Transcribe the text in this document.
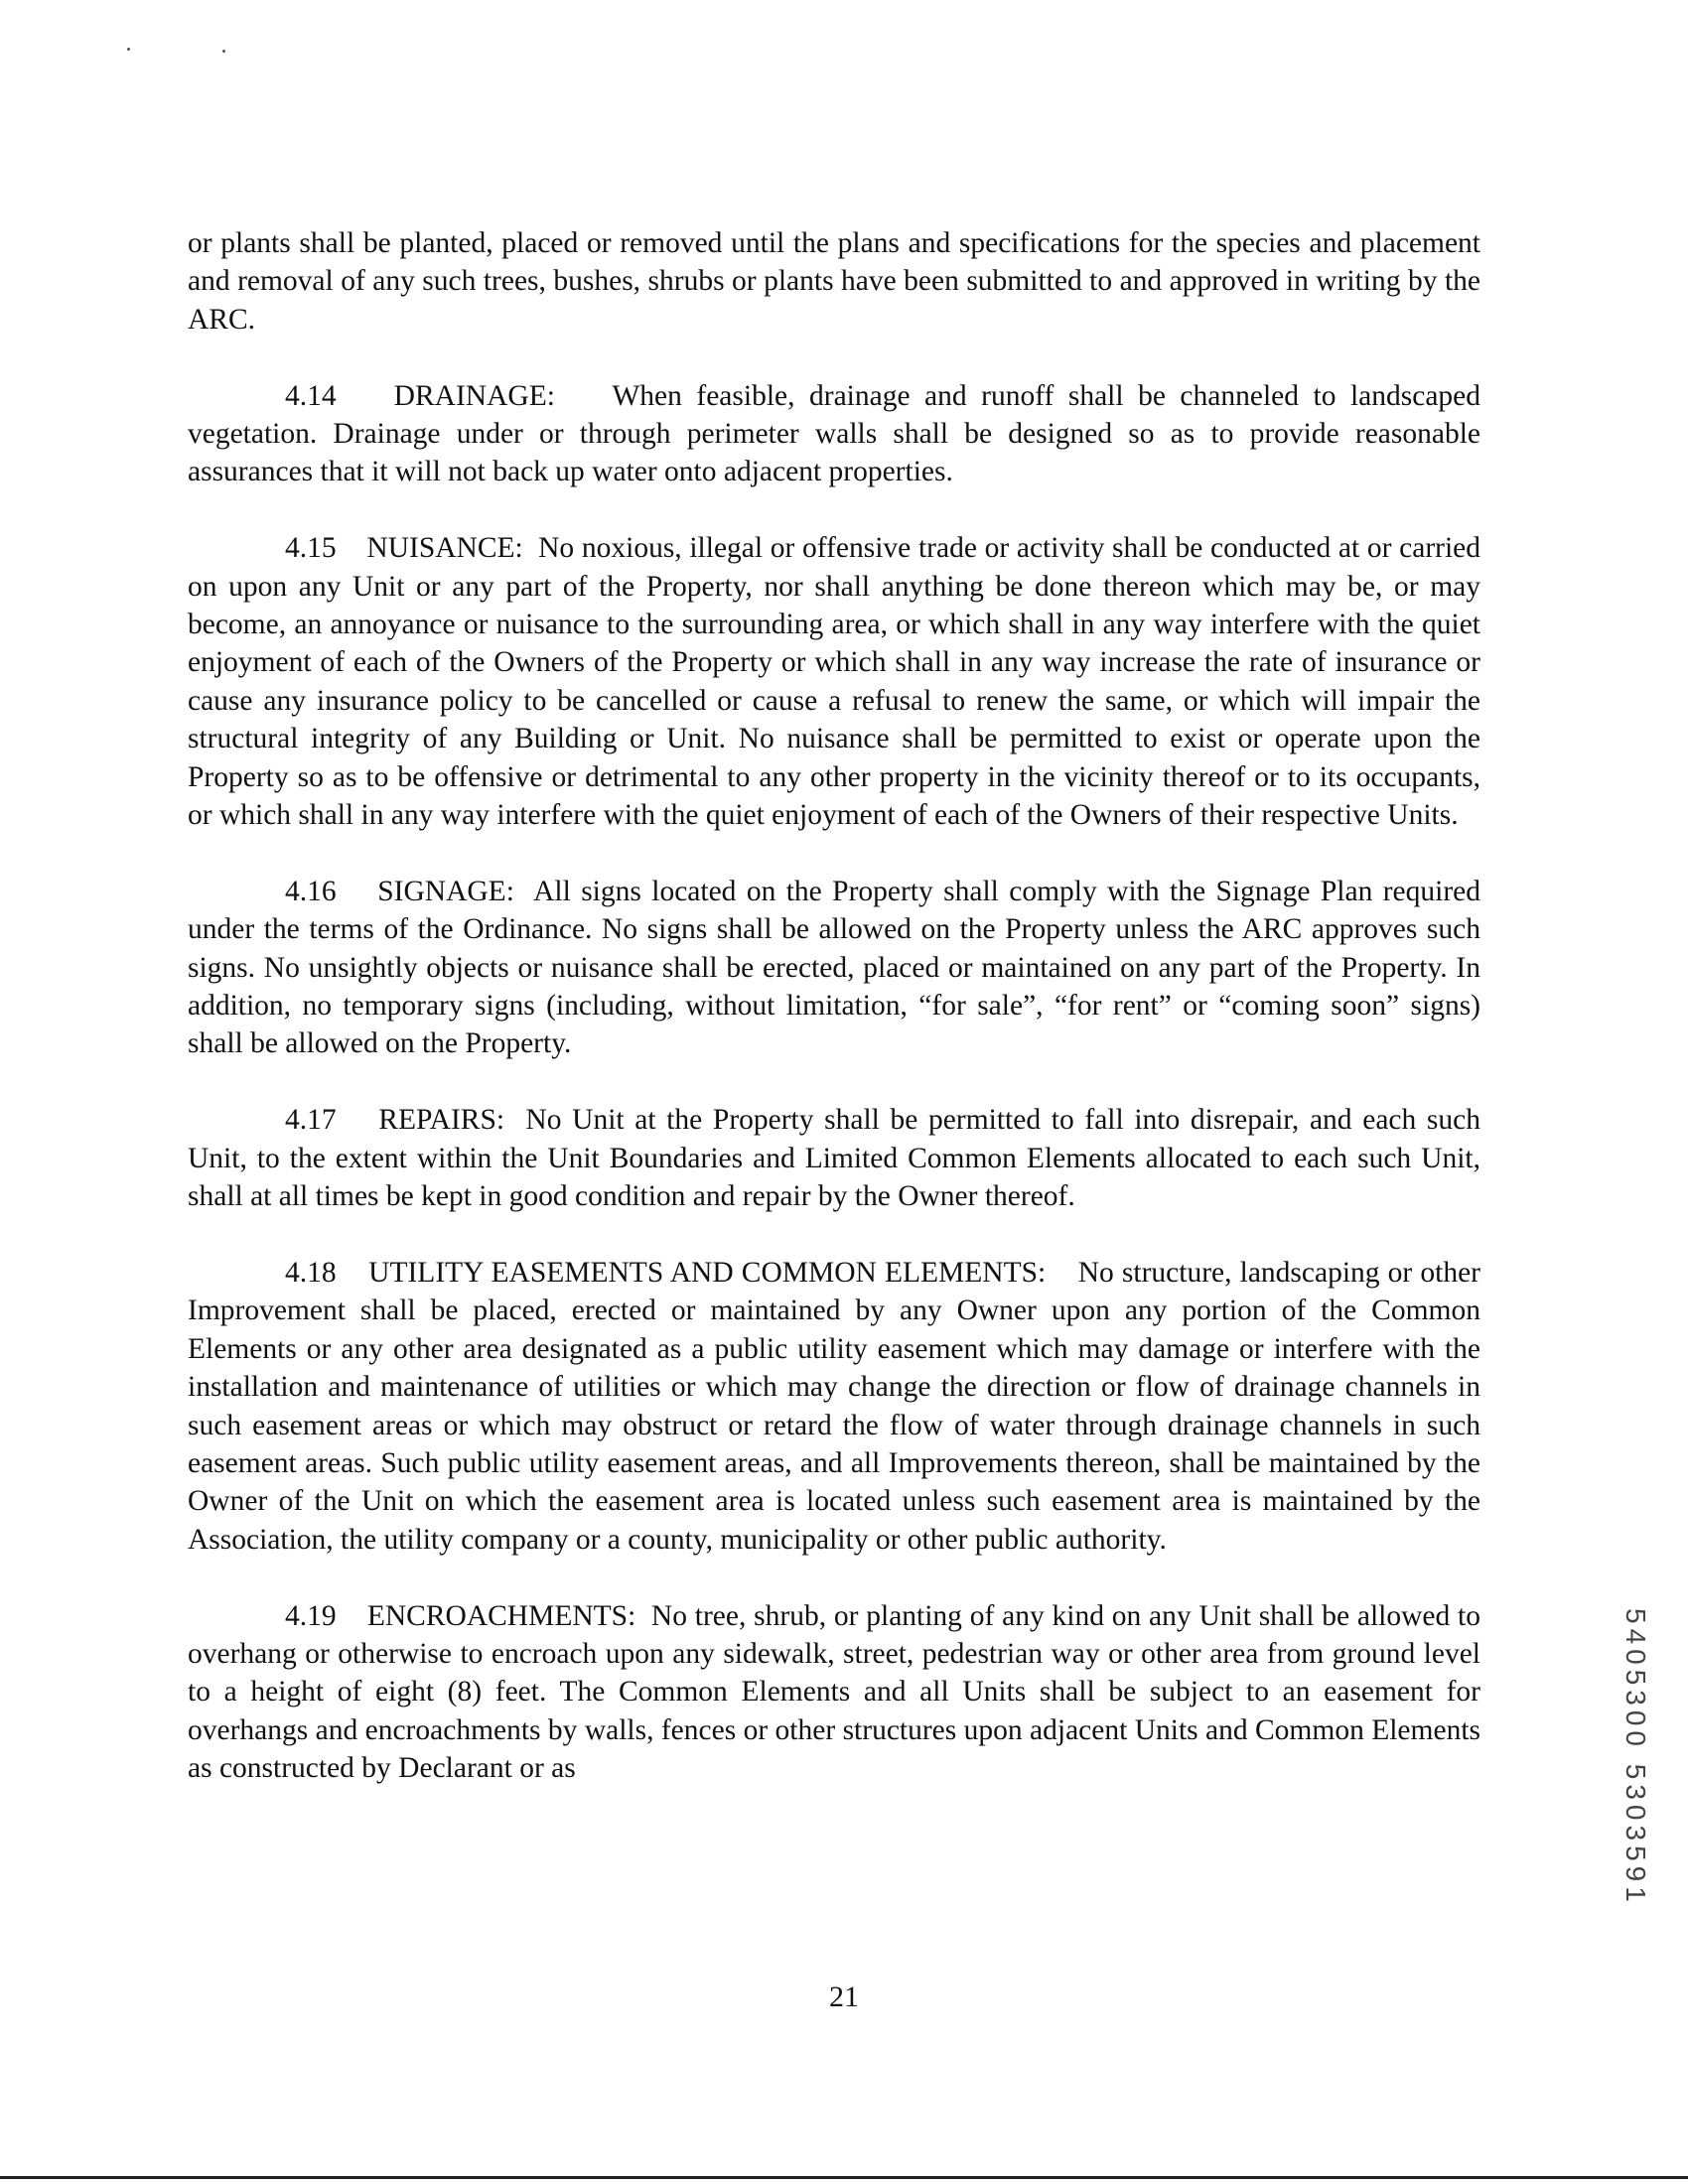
or plants shall be planted, placed or removed until the plans and specifications for the species and placement and removal of any such trees, bushes, shrubs or plants have been submitted to and approved in writing by the ARC.

4.14 DRAINAGE: When feasible, drainage and runoff shall be channeled to landscaped vegetation. Drainage under or through perimeter walls shall be designed so as to provide reasonable assurances that it will not back up water onto adjacent properties.

4.15 NUISANCE: No noxious, illegal or offensive trade or activity shall be conducted at or carried on upon any Unit or any part of the Property, nor shall anything be done thereon which may be, or may become, an annoyance or nuisance to the surrounding area, or which shall in any way interfere with the quiet enjoyment of each of the Owners of the Property or which shall in any way increase the rate of insurance or cause any insurance policy to be cancelled or cause a refusal to renew the same, or which will impair the structural integrity of any Building or Unit. No nuisance shall be permitted to exist or operate upon the Property so as to be offensive or detrimental to any other property in the vicinity thereof or to its occupants, or which shall in any way interfere with the quiet enjoyment of each of the Owners of their respective Units.

4.16 SIGNAGE: All signs located on the Property shall comply with the Signage Plan required under the terms of the Ordinance. No signs shall be allowed on the Property unless the ARC approves such signs. No unsightly objects or nuisance shall be erected, placed or maintained on any part of the Property. In addition, no temporary signs (including, without limitation, “for sale”, “for rent” or “coming soon” signs) shall be allowed on the Property.

4.17 REPAIRS: No Unit at the Property shall be permitted to fall into disrepair, and each such Unit, to the extent within the Unit Boundaries and Limited Common Elements allocated to each such Unit, shall at all times be kept in good condition and repair by the Owner thereof.

4.18 UTILITY EASEMENTS AND COMMON ELEMENTS: No structure, landscaping or other Improvement shall be placed, erected or maintained by any Owner upon any portion of the Common Elements or any other area designated as a public utility easement which may damage or interfere with the installation and maintenance of utilities or which may change the direction or flow of drainage channels in such easement areas or which may obstruct or retard the flow of water through drainage channels in such easement areas. Such public utility easement areas, and all Improvements thereon, shall be maintained by the Owner of the Unit on which the easement area is located unless such easement area is maintained by the Association, the utility company or a county, municipality or other public authority.

4.19 ENCROACHMENTS: No tree, shrub, or planting of any kind on any Unit shall be allowed to overhang or otherwise to encroach upon any sidewalk, street, pedestrian way or other area from ground level to a height of eight (8) feet. The Common Elements and all Units shall be subject to an easement for overhangs and encroachments by walls, fences or other structures upon adjacent Units and Common Elements as constructed by Declarant or as

21
5405300 5303591
